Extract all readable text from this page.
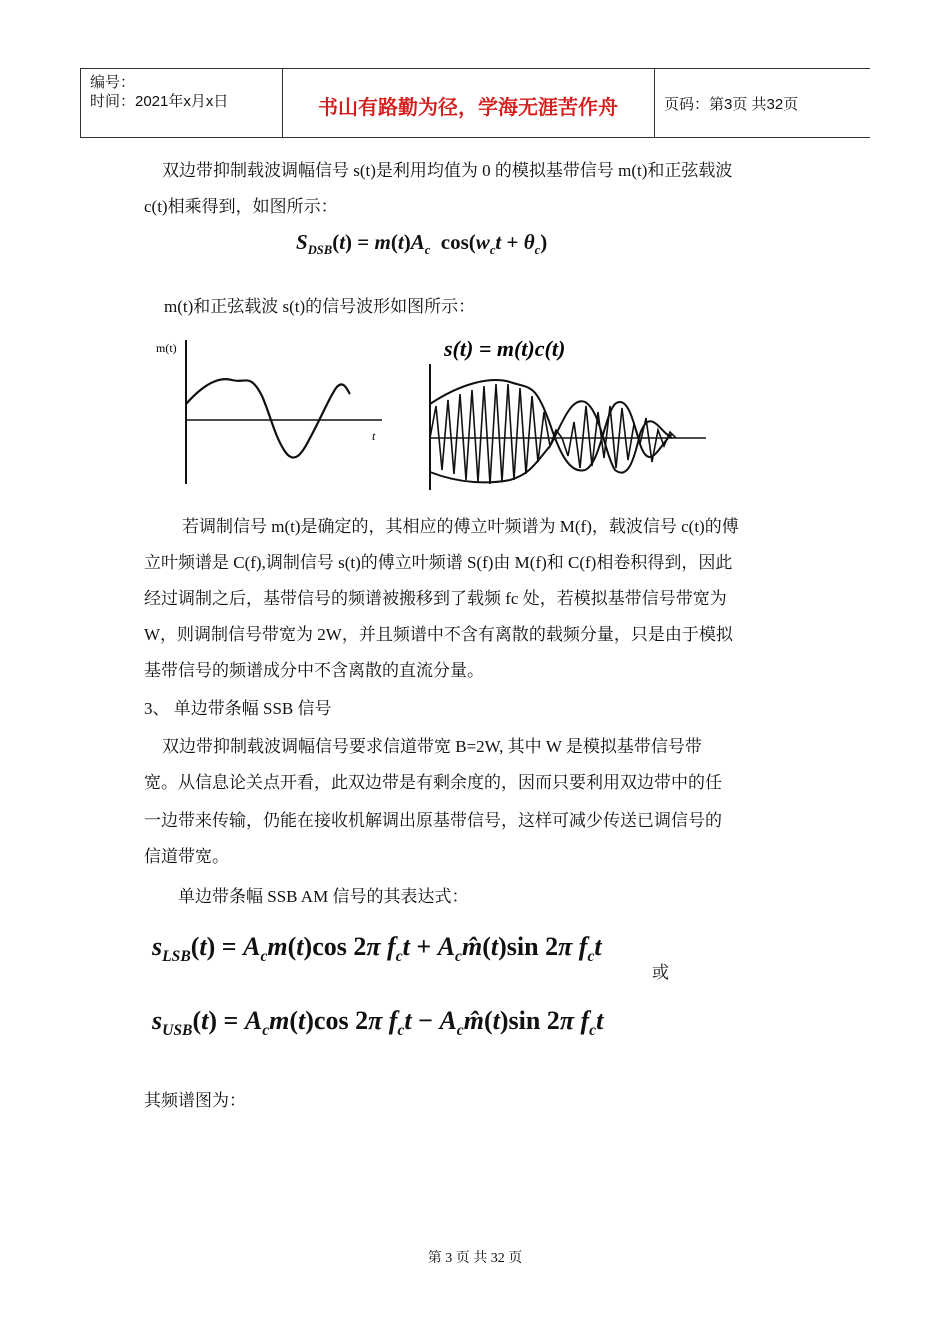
编号：
时间：2021年x月x日	书山有路勤为径，学海无涯苦作舟	页码：第3页 共32页
双边带抑制载波调幅信号 s(t)是利用均值为 0 的模拟基带信号 m(t)和正弦载波
c(t)相乘得到，如图所示：
$S_{DSB}(t) = m(t)A_c$  $\cos(w_ct + \theta_c)$
m(t)和正弦载波 s(t)的信号波形如图所示：
m(t)
t
s(t) = m(t)c(t)
若调制信号 m(t)是确定的，其相应的傅立叶频谱为 M(f)，载波信号 c(t)的傅
立叶频谱是 C(f),调制信号 s(t)的傅立叶频谱 S(f)由 M(f)和 C(f)相卷积得到，因此
经过调制之后，基带信号的频谱被搬移到了载频 fc 处，若模拟基带信号带宽为
W，则调制信号带宽为 2W，并且频谱中不含有离散的载频分量，只是由于模拟
基带信号的频谱成分中不含离散的直流分量。
3、 单边带条幅 SSB 信号
双边带抑制载波调幅信号要求信道带宽 B=2W, 其中 W 是模拟基带信号带
宽。从信息论关点开看，此双边带是有剩余度的，因而只要利用双边带中的任
一边带来传输，仍能在接收机解调出原基带信号，这样可减少传送已调信号的
信道带宽。
单边带条幅 SSB AM 信号的其表达式：
$s_{LSB}(t) = A_cm(t)\cos$ 2π $f_ct$ + $A_cm̂(t)\sin$ 2π $f_ct$
或
$s_{USB}(t) = A_cm(t)\cos$ 2π $f_ct$ − $A_cm̂(t)\sin$ 2π $f_ct$
其频谱图为：
第 3 页 共 32 页
